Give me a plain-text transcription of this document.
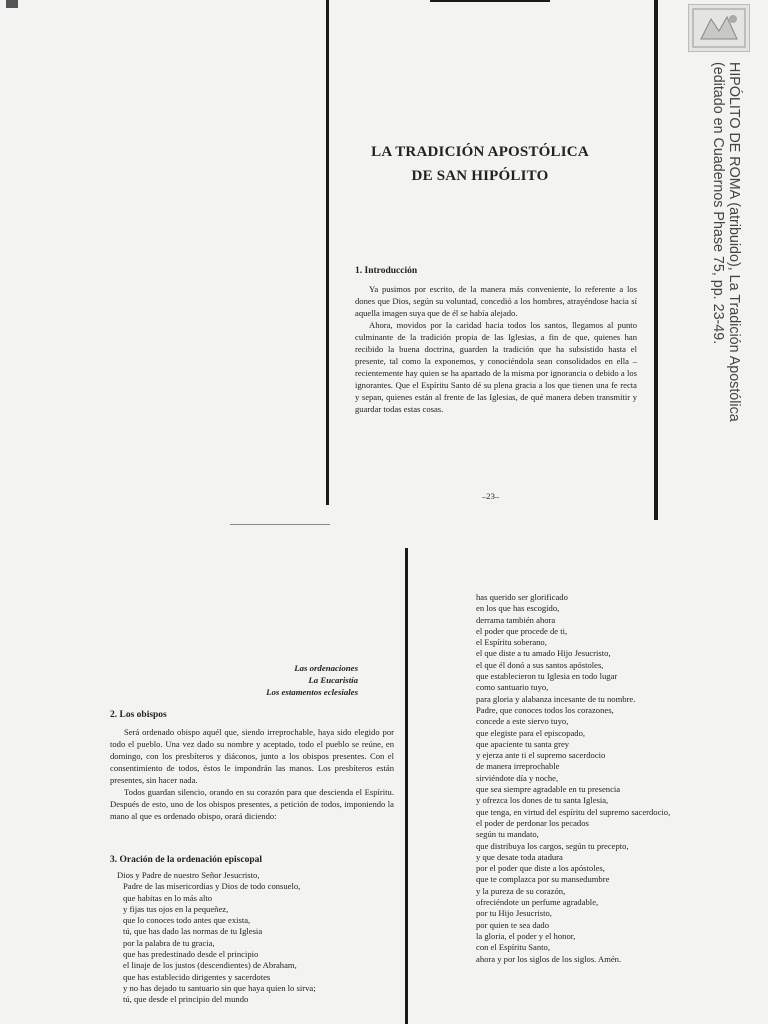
HIPÓLITO DE ROMA (atribuido), La Tradición Apostólica
(editado en Cuadernos Phase 75, pp. 23-49.
LA TRADICIÓN APOSTÓLICA
DE SAN HIPÓLITO
1. Introducción

Ya pusimos por escrito, de la manera más conveniente, lo referente a los dones que Dios, según su voluntad, concedió a los hombres, atrayéndose hacia sí aquella imagen suya que de él se había alejado.

Ahora, movidos por la caridad hacia todos los santos, llegamos al punto culminante de la tradición propia de las Iglesias, a fin de que, quienes han recibido la buena doctrina, guarden la tradición que ha subsistido hasta el presente, tal como la exponemos, y conociéndola sean consolidados en ella –recientemente hay quien se ha apartado de la misma por ignorancia o debido a los ignorantes. Que el Espíritu Santo dé su plena gracia a los que tienen una fe recta y sepan, quienes están al frente de las Iglesias, de qué manera deben transmitir y guardar todas estas cosas.

–23–
Las ordenaciones
La Eucaristía
Los estamentos eclesiales
2. Los obispos

Será ordenado obispo aquél que, siendo irreprochable, haya sido elegido por todo el pueblo. Una vez dado su nombre y aceptado, todo el pueblo se reúne, en domingo, con los presbíteros y diáconos, junto a los obispos presentes. Con el consentimiento de todos, éstos le impondrán las manos. Los presbíteros están presentes, sin hacer nada.

Todos guardan silencio, orando en su corazón para que descienda el Espíritu. Después de esto, uno de los obispos presentes, a petición de todos, imponiendo la mano al que es ordenado obispo, orará diciendo:

3. Oración de la ordenación episcopal
Dios y Padre de nuestro Señor Jesucristo,
Padre de las misericordias y Dios de todo consuelo,
que habitas en lo más alto
y fijas tus ojos en la pequeñez,
que lo conoces todo antes que exista,
tú, que has dado las normas de tu Iglesia
por la palabra de tu gracia,
que has predestinado desde el principio
el linaje de los justos (descendientes) de Abraham,
que has establecido dirigentes y sacerdotes
y no has dejado tu santuario sin que haya quien lo sirva;
tú, que desde el principio del mundo
has querido ser glorificado
en los que has escogido,
derrama también ahora
el poder que procede de ti,
el Espíritu soberano,
el que diste a tu amado Hijo Jesucristo,
el que él donó a sus santos apóstoles,
que establecieron tu Iglesia en todo lugar
como santuario tuyo,
para gloria y alabanza incesante de tu nombre.
Padre, que conoces todos los corazones,
concede a este siervo tuyo,
que elegiste para el episcopado,
que apaciente tu santa grey
y ejerza ante ti el supremo sacerdocio
de manera irreprochable
sirviéndote día y noche,
que sea siempre agradable en tu presencia
y ofrezca los dones de tu santa Iglesia,
que tenga, en virtud del espíritu del supremo sacerdocio,
el poder de perdonar los pecados
según tu mandato,
que distribuya los cargos, según tu precepto,
y que desate toda atadura
por el poder que diste a los apóstoles,
que te complazca por su mansedumbre
y la pureza de su corazón,
ofreciéndote un perfume agradable,
por tu Hijo Jesucristo,
por quien te sea dado
la gloria, el poder y el honor,
con el Espíritu Santo,
ahora y por los siglos de los siglos. Amén.
